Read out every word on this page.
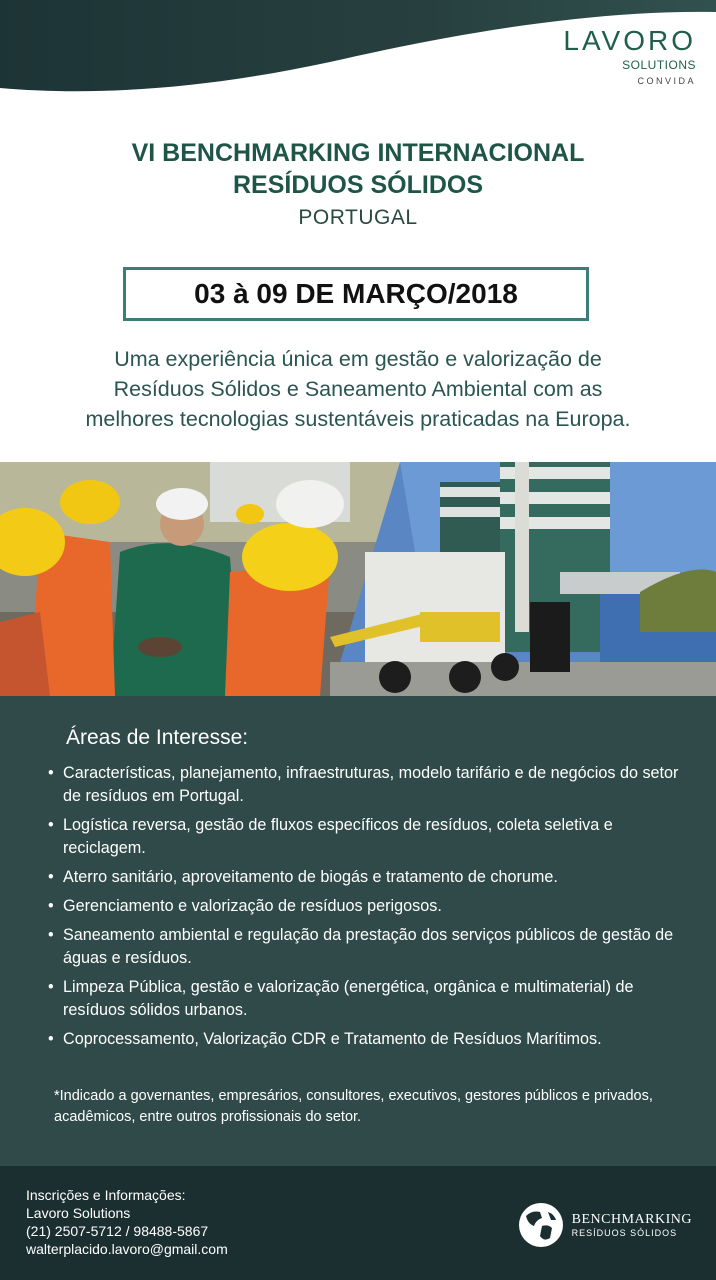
LAVORO
SOLUTIONS
CONVIDA
VI BENCHMARKING INTERNACIONAL
RESÍDUOS SÓLIDOS
PORTUGAL
03 à 09 DE MARÇO/2018
Uma experiência única em gestão e valorização de
Resíduos Sólidos e Saneamento Ambiental com as
melhores tecnologias sustentáveis praticadas na Europa.
Áreas de Interesse:
• Características, planejamento, infraestruturas, modelo tarifário e de negócios do setor de resíduos em Portugal.
• Logística reversa, gestão de fluxos específicos de resíduos, coleta seletiva e reciclagem.
• Aterro sanitário, aproveitamento de biogás e tratamento de chorume.
• Gerenciamento e valorização de resíduos perigosos.
• Saneamento ambiental e regulação da prestação dos serviços públicos de gestão de águas e resíduos.
• Limpeza Pública, gestão e valorização (energética, orgânica e multimaterial) de resíduos sólidos urbanos.
• Coprocessamento, Valorização CDR e Tratamento de Resíduos Marítimos.
*Indicado a governantes, empresários, consultores, executivos, gestores públicos e privados, acadêmicos, entre outros profissionais do setor.
Inscrições e Informações:
Lavoro Solutions
(21) 2507-5712 / 98488-5867
walterplacido.lavoro@gmail.com
BENCHMARKING
RESÍDUOS SÓLIDOS
